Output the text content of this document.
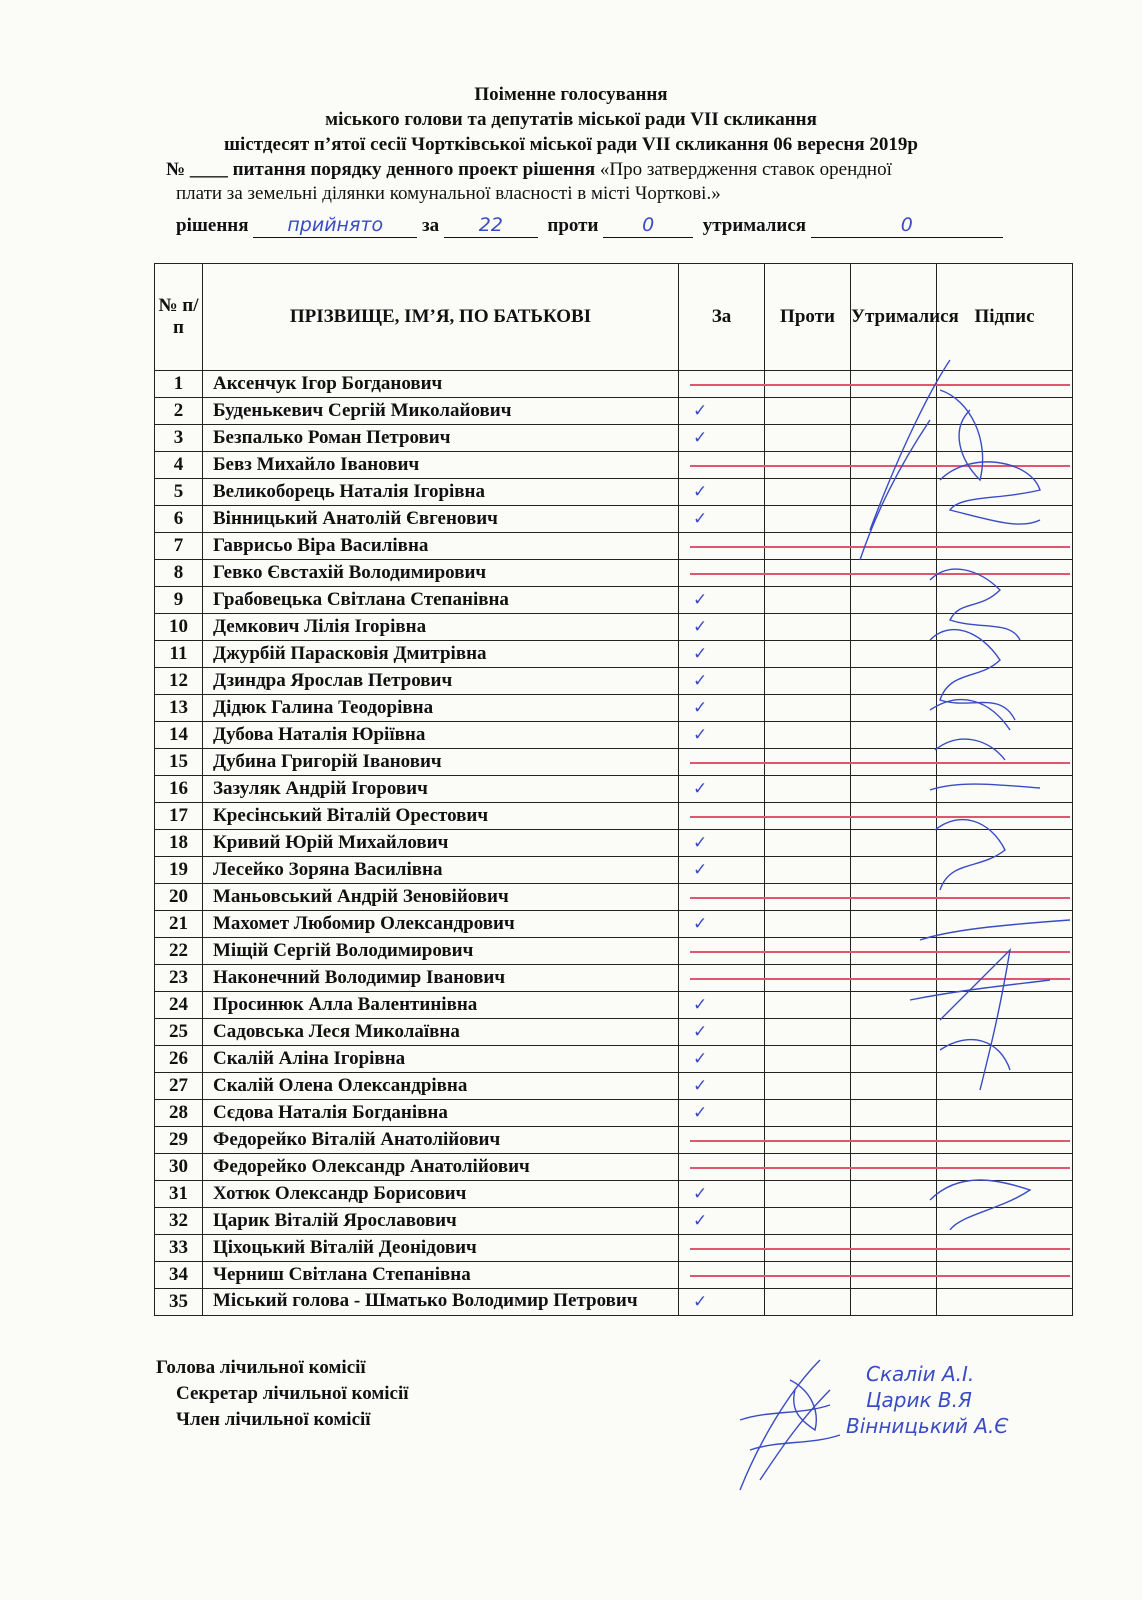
Поіменне голосування
міського голови та депутатів міської ради VII скликання
шістдесят п’ятої сесії Чортківської міської ради VII скликання 06 вересня 2019р
№ ____ питання порядку денного проект рішення «Про затвердження ставок орендної
плати за земельні ділянки комунальної власності в місті Чорткові.»
рішення прийнято за 22 проти 0	утрималися	0
№ п/п	ПРІЗВИЩЕ, ІМ’Я, ПО БАТЬКОВІ	За	Проти	Утрималися	Підпис
1	Аксенчук Ігор Богданович				
2	Буденькевич Сергій Миколайович	✓			
3	Безпалько Роман Петрович	✓			
4	Бевз Михайло Іванович				
5	Великоборець Наталія Ігорівна	✓			
6	Вінницький Анатолій Євгенович	✓			
7	Гаврисьо Віра Василівна				
8	Гевко Євстахій Володимирович				
9	Грабовецька Світлана Степанівна	✓			
10	Демкович Лілія Ігорівна	✓			
11	Джурбій Парасковія Дмитрівна	✓			
12	Дзиндра Ярослав Петрович	✓			
13	Дідюк Галина Теодорівна	✓			
14	Дубова Наталія Юріївна	✓			
15	Дубина Григорій Іванович				
16	Зазуляк Андрій Ігорович	✓			
17	Кресінський Віталій Орестович				
18	Кривий Юрій Михайлович	✓			
19	Лесейко Зоряна Василівна	✓			
20	Маньовський Андрій Зеновійович				
21	Махомет Любомир Олександрович	✓			
22	Міщій Сергій Володимирович				
23	Наконечний Володимир Іванович				
24	Просинюк Алла Валентинівна	✓			
25	Садовська Леся Миколаївна	✓			
26	Скалій Аліна Ігорівна	✓			
27	Скалій Олена Олександрівна	✓			
28	Сєдова Наталія Богданівна	✓			
29	Федорейко Віталій Анатолійович				
30	Федорейко Олександр Анатолійович				
31	Хотюк Олександр Борисович	✓			
32	Царик Віталій Ярославович	✓			
33	Ціхоцький Віталій Деонідович				
34	Черниш Світлана Степанівна				
35	Міський голова - Шматько Володимир Петрович	✓			
Голова лічильної комісії
Секретар лічильної комісії
Член лічильної комісії
Скаліи А.І.
Царик В.Я
Вінницький А.Є
